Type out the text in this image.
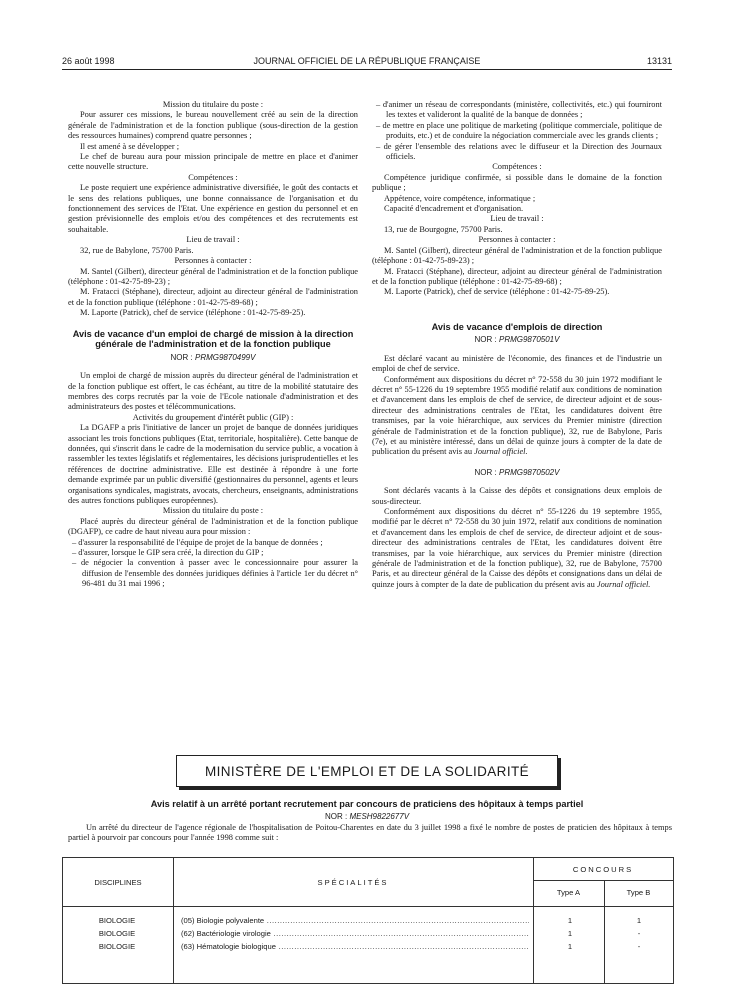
26 août 1998	JOURNAL OFFICIEL DE LA RÉPUBLIQUE FRANÇAISE	13131

Mission du titulaire du poste :

Pour assurer ces missions, le bureau nouvellement créé au sein de la direction générale de l'administration et de la fonction publique (sous-direction de la gestion des ressources humaines) comprend quatre personnes ;

Il est amené à se développer ;

Le chef de bureau aura pour mission principale de mettre en place et d'animer cette nouvelle structure.

Compétences :

Le poste requiert une expérience administrative diversifiée, le goût des contacts et le sens des relations publiques, une bonne connaissance de l'organisation et du fonctionnement des services de l'Etat. Une expérience en gestion du personnel et en gestion prévisionnelle des emplois et/ou des compétences et des recrutements est souhaitable.

Lieu de travail :

32, rue de Babylone, 75700 Paris.

Personnes à contacter :

M. Santel (Gilbert), directeur général de l'administration et de la fonction publique (téléphone : 01-42-75-89-23) ;

M. Fratacci (Stéphane), directeur, adjoint au directeur général de l'administration et de la fonction publique (téléphone : 01-42-75-89-68) ;

M. Laporte (Patrick), chef de service (téléphone : 01-42-75-89-25).

Avis de vacance d'un emploi de chargé de mission à la direction générale de l'administration et de la fonction publique
NOR : PRMG9870499V

Un emploi de chargé de mission auprès du directeur général de l'administration et de la fonction publique est offert, le cas échéant, au titre de la mobilité statutaire des membres des corps recrutés par la voie de l'Ecole nationale d'administration et des administrateurs des postes et télécommunications.

Activités du groupement d'intérêt public (GIP) :

La DGAFP a pris l'initiative de lancer un projet de banque de données juridiques associant les trois fonctions publiques (Etat, territoriale, hospitalière). Cette banque de données, qui s'inscrit dans le cadre de la modernisation du service public, a vocation à rassembler les textes législatifs et réglementaires, les décisions jurisprudentielles et les références de doctrine administrative. Elle est destinée à répondre à une forte demande exprimée par un public diversifié (gestionnaires du personnel, agents et leurs organisations syndicales, magistrats, avocats, chercheurs, enseignants, administrations des autres fonctions publiques européennes).

Mission du titulaire du poste :

Placé auprès du directeur général de l'administration et de la fonction publique (DGAFP), ce cadre de haut niveau aura pour mission :

– d'assurer la responsabilité de l'équipe de projet de la banque de données ;
– d'assurer, lorsque le GIP sera créé, la direction du GIP ;
– de négocier la convention à passer avec le concessionnaire pour assurer la diffusion de l'ensemble des données juridiques définies à l'article 1er du décret n° 96-481 du 31 mai 1996 ;
– d'animer un réseau de correspondants (ministère, collectivités, etc.) qui fourniront les textes et valideront la qualité de la banque de données ;
– de mettre en place une politique de marketing (politique commerciale, politique de produits, etc.) et de conduire la négociation commerciale avec les grands clients ;
– de gérer l'ensemble des relations avec le diffuseur et la Direction des Journaux officiels.

Compétences :

Compétence juridique confirmée, si possible dans le domaine de la fonction publique ;

Appétence, voire compétence, informatique ;

Capacité d'encadrement et d'organisation.

Lieu de travail :

13, rue de Bourgogne, 75700 Paris.

Personnes à contacter :

M. Santel (Gilbert), directeur général de l'administration et de la fonction publique (téléphone : 01-42-75-89-23) ;

M. Fratacci (Stéphane), directeur, adjoint au directeur général de l'administration et de la fonction publique (téléphone : 01-42-75-89-68) ;

M. Laporte (Patrick), chef de service (téléphone : 01-42-75-89-25).

Avis de vacance d'emplois de direction
NOR : PRMG9870501V

Est déclaré vacant au ministère de l'économie, des finances et de l'industrie un emploi de chef de service.

Conformément aux dispositions du décret n° 72-558 du 30 juin 1972 modifiant le décret n° 55-1226 du 19 septembre 1955 modifié relatif aux conditions de nomination et d'avancement dans les emplois de chef de service, de directeur adjoint et de sous-directeur des administrations centrales de l'Etat, les candidatures doivent être transmises, par la voie hiérarchique, aux services du Premier ministre (direction générale de l'administration et de la fonction publique), 32, rue de Babylone, Paris (7e), et au ministère intéressé, dans un délai de quinze jours à compter de la date de publication du présent avis au Journal officiel.

NOR : PRMG9870502V

Sont déclarés vacants à la Caisse des dépôts et consignations deux emplois de sous-directeur.

Conformément aux dispositions du décret n° 55-1226 du 19 septembre 1955, modifié par le décret n° 72-558 du 30 juin 1972, relatif aux conditions de nomination et d'avancement dans les emplois de chef de service, de directeur adjoint et de sous-directeur des administrations centrales de l'Etat, les candidatures doivent être transmises, par la voie hiérarchique, aux services du Premier ministre (direction générale de l'administration et de la fonction publique), 32, rue de Babylone, 75700 Paris, et au directeur général de la Caisse des dépôts et consignations dans un délai de quinze jours à compter de la date de publication du présent avis au Journal officiel.

MINISTÈRE DE L'EMPLOI ET DE LA SOLIDARITÉ
Avis relatif à un arrêté portant recrutement par concours de praticiens des hôpitaux à temps partiel
NOR : MESH9822677V
Un arrêté du directeur de l'agence régionale de l'hospitalisation de Poitou-Charentes en date du 3 juillet 1998 a fixé le nombre de postes de praticien des hôpitaux à temps partiel à pourvoir par concours pour l'année 1998 comme suit :
DISCIPLINES	SPÉCIALITÉS
CONCOURS
Type A	Type B
BIOLOGIE	(05) Biologie polyvalente .....	1	1
BIOLOGIE	(62) Bactériologie virologie .....	1	-
BIOLOGIE	(63) Hématologie biologique .....	1	-
